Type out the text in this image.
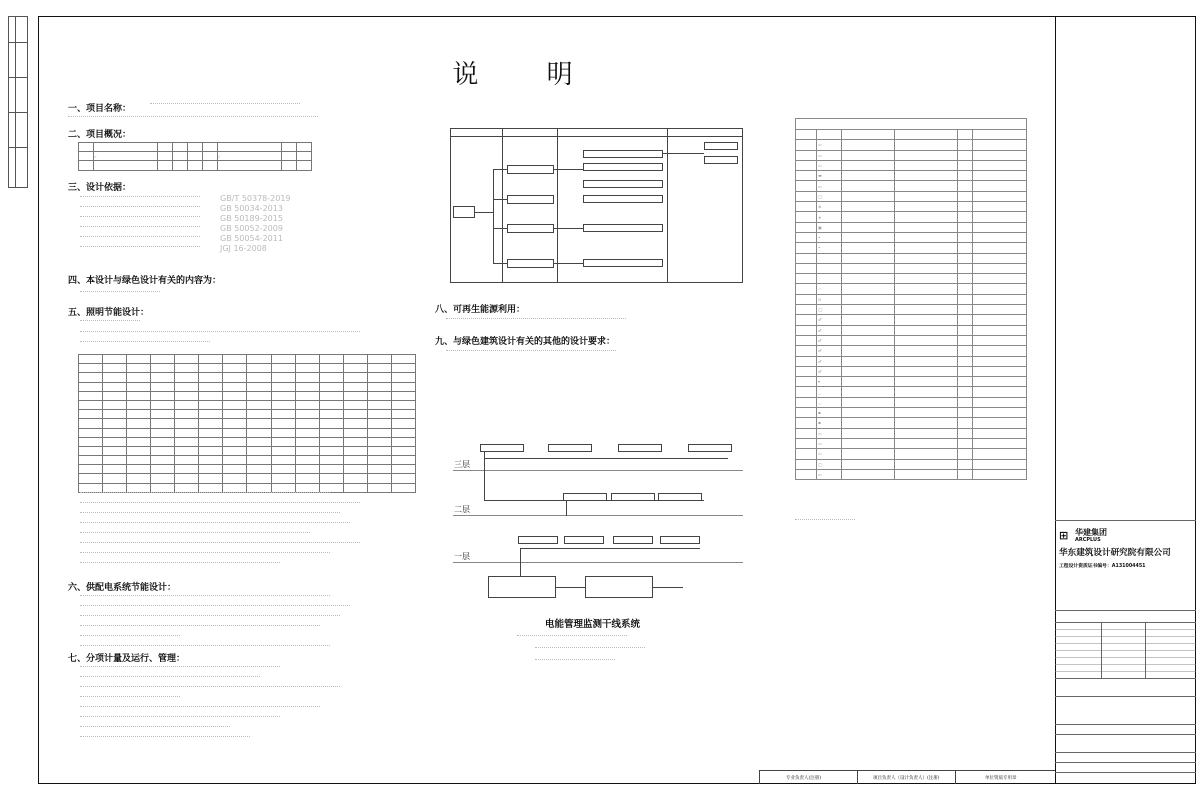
说 明
一、项目名称：
二、项目概况：

	✓					✓		

三、设计依据：
GB/T 50378-2019
GB 50034-2013
GB 50189-2015
GB 50052-2009
GB 50054-2011
JGJ 16-2008
四、本设计与绿色设计有关的内容为：
五、照明节能设计：

六、供配电系统节能设计：
七、分项计量及运行、管理：
八、可再生能源利用：
九、与绿色建筑设计有关的其他的设计要求：
三层
二层
一层
电能管理监测干线系统

	▭				
	▭				
	▭				
	▬				
	▭				
	◯				
	⊗				
	⊕				
	▣				
	•				
	•				

	◠				
	⊡				
	◯				
	♂				
	♂				
	♂				
	♂				
	♂				
	♂				
	▾				
	◡				
	◡				
	▪				
	▪				
	▭				
	▭				
	▭				
	◯				
	▭				
⊞ 华建集团
ARCPLUS
华东建筑设计研究院有限公司
工程设计资质证书编号：A131004451
专业负责人(注册)	项目负责人（设计负责人）(注册)	单位资质专用章
